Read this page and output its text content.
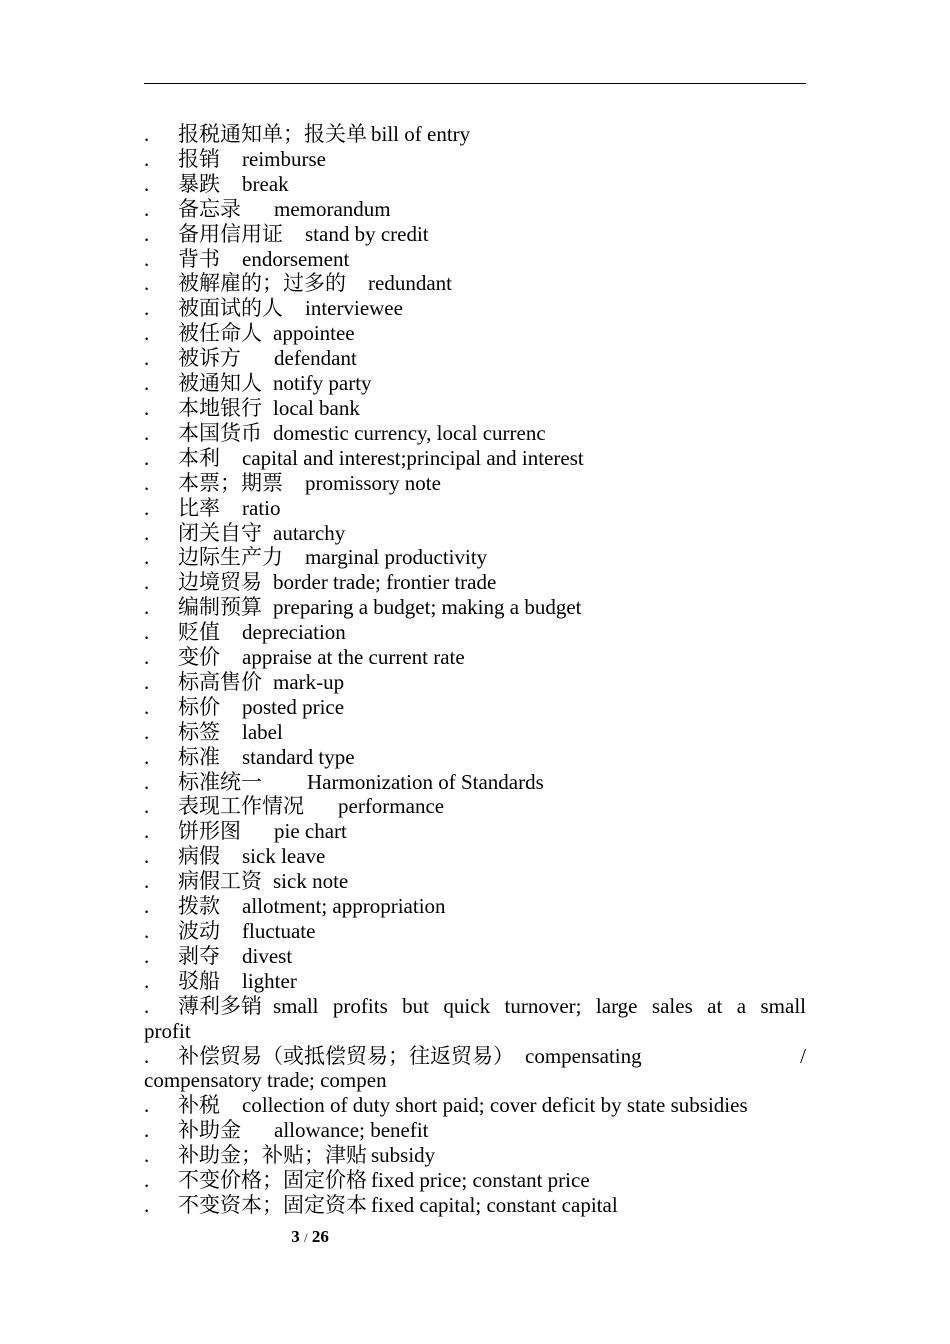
.	报税通知单；报关单 bill of entry
.	报销 reimburse
.	暴跌 break
.	备忘录 memorandum
.	备用信用证 stand by credit
.	背书 endorsement
.	被解雇的；过多的 redundant
.	被面试的人 interviewee
.	被任命人 appointee
.	被诉方 defendant
.	被通知人 notify party
.	本地银行 local bank
.	本国货币 domestic currency, local currenc
.	本利 capital and interest;principal and interest
.	本票；期票 promissory note
.	比率 ratio
.	闭关自守 autarchy
.	边际生产力 marginal productivity
.	边境贸易 border trade; frontier trade
.	编制预算 preparing a budget; making a budget
.	贬值 depreciation
.	变价 appraise at the current rate
.	标高售价 mark-up
.	标价 posted price
.	标签 label
.	标准 standard type
.	标准统一 Harmonization of Standards
.	表现工作情况 performance
.	饼形图 pie chart
.	病假 sick leave
.	病假工资 sick note
.	拨款 allotment; appropriation
.	波动 fluctuate
.	剥夺 divest
.	驳船 lighter
.	薄利多销 small profits but quick turnover; large sales at a small
profit
.	补偿贸易（或抵偿贸易；往返贸易） compensating	/
compensatory trade; compen
.	补税 collection of duty short paid; cover deficit by state subsidies
.	补助金 allowance; benefit
.	补助金；补贴；津贴 subsidy
.	不变价格；固定价格 fixed price; constant price
.	不变资本；固定资本 fixed capital; constant capital
3 / 26
